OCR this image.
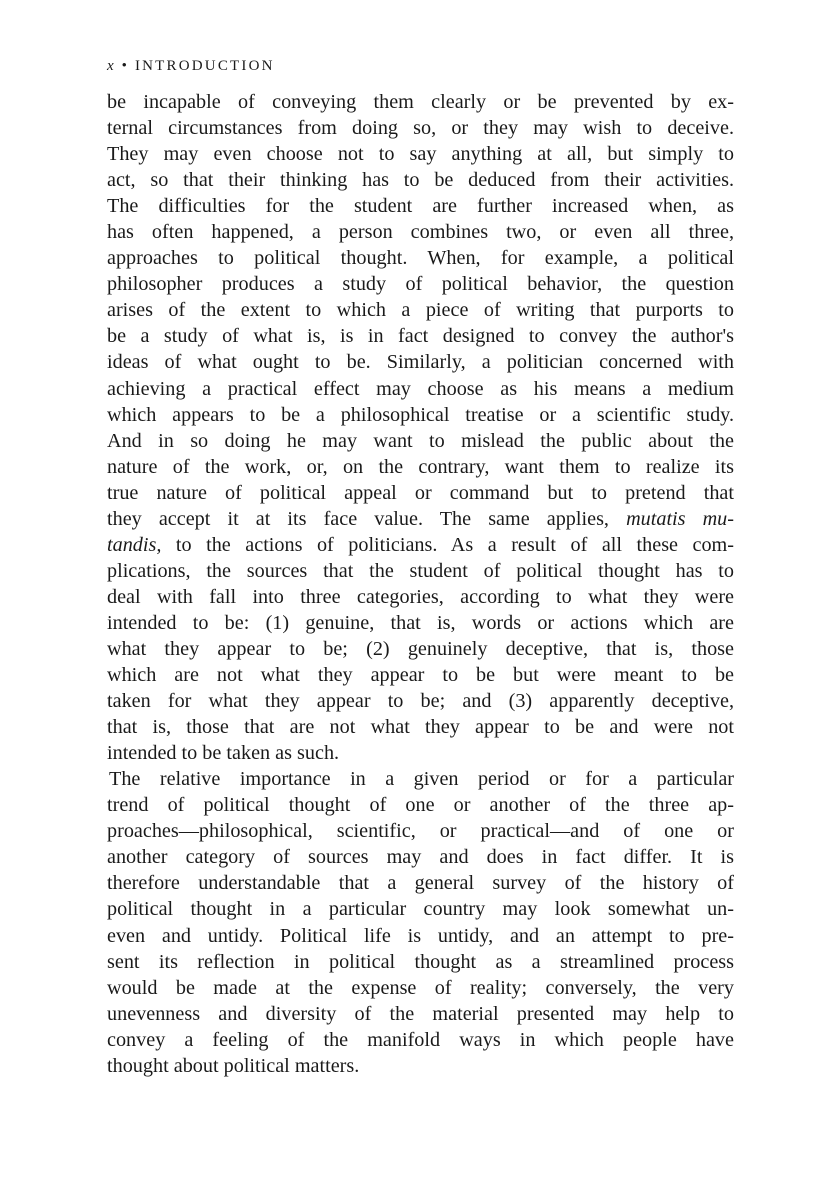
x • INTRODUCTION
be incapable of conveying them clearly or be prevented by ex-
ternal circumstances from doing so, or they may wish to deceive.
They may even choose not to say anything at all, but simply to
act, so that their thinking has to be deduced from their activities.
The difficulties for the student are further increased when, as
has often happened, a person combines two, or even all three,
approaches to political thought. When, for example, a political
philosopher produces a study of political behavior, the question
arises of the extent to which a piece of writing that purports to
be a study of what is, is in fact designed to convey the author's
ideas of what ought to be. Similarly, a politician concerned with
achieving a practical effect may choose as his means a medium
which appears to be a philosophical treatise or a scientific study.
And in so doing he may want to mislead the public about the
nature of the work, or, on the contrary, want them to realize its
true nature of political appeal or command but to pretend that
they accept it at its face value. The same applies, mutatis mu-
tandis, to the actions of politicians. As a result of all these com-
plications, the sources that the student of political thought has to
deal with fall into three categories, according to what they were
intended to be: (1) genuine, that is, words or actions which are
what they appear to be; (2) genuinely deceptive, that is, those
which are not what they appear to be but were meant to be
taken for what they appear to be; and (3) apparently deceptive,
that is, those that are not what they appear to be and were not
intended to be taken as such.
The relative importance in a given period or for a particular
trend of political thought of one or another of the three ap-
proaches—philosophical, scientific, or practical—and of one or
another category of sources may and does in fact differ. It is
therefore understandable that a general survey of the history of
political thought in a particular country may look somewhat un-
even and untidy. Political life is untidy, and an attempt to pre-
sent its reflection in political thought as a streamlined process
would be made at the expense of reality; conversely, the very
unevenness and diversity of the material presented may help to
convey a feeling of the manifold ways in which people have
thought about political matters.
